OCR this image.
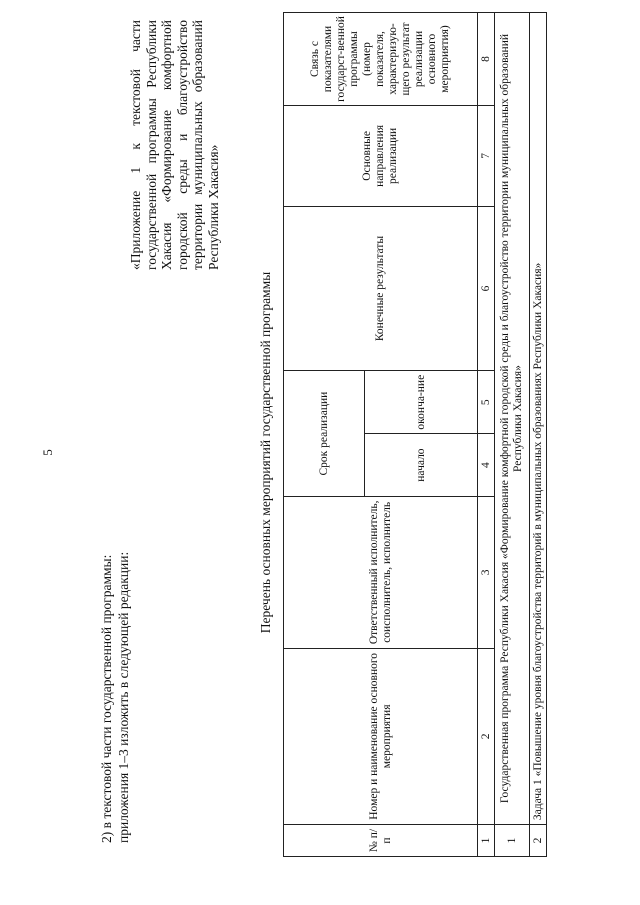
5
2) в текстовой части государственной программы: приложения 1–3 изложить в следующей редакции:
«Приложение 1 к текстовой части государственной программы Республики Хакасия «Формирование комфортной городской среды и благоустройство территории муниципальных образований Республики Хакасия»
Перечень основных мероприятий государственной программы
№ п/п	Номер и наименование основного мероприятия	Ответственный исполнитель, соисполнитель, исполнитель	Срок реализации		Конечные результаты	Основные направления реализации	Связь с показателями государст-венной программы (номер показателя, характеризую-щего результат реализации основного мероприятия)
			начало	оконча-ние			
1	2	3	4	5	6	7	8
1	Государственная программа Республики Хакасия «Формирование комфортной городской среды и благоустройство территории муниципальных образований Республики Хакасия»						
2	Задача 1 «Повышение уровня благоустройства территорий в муниципальных образованиях Республики Хакасия»						
